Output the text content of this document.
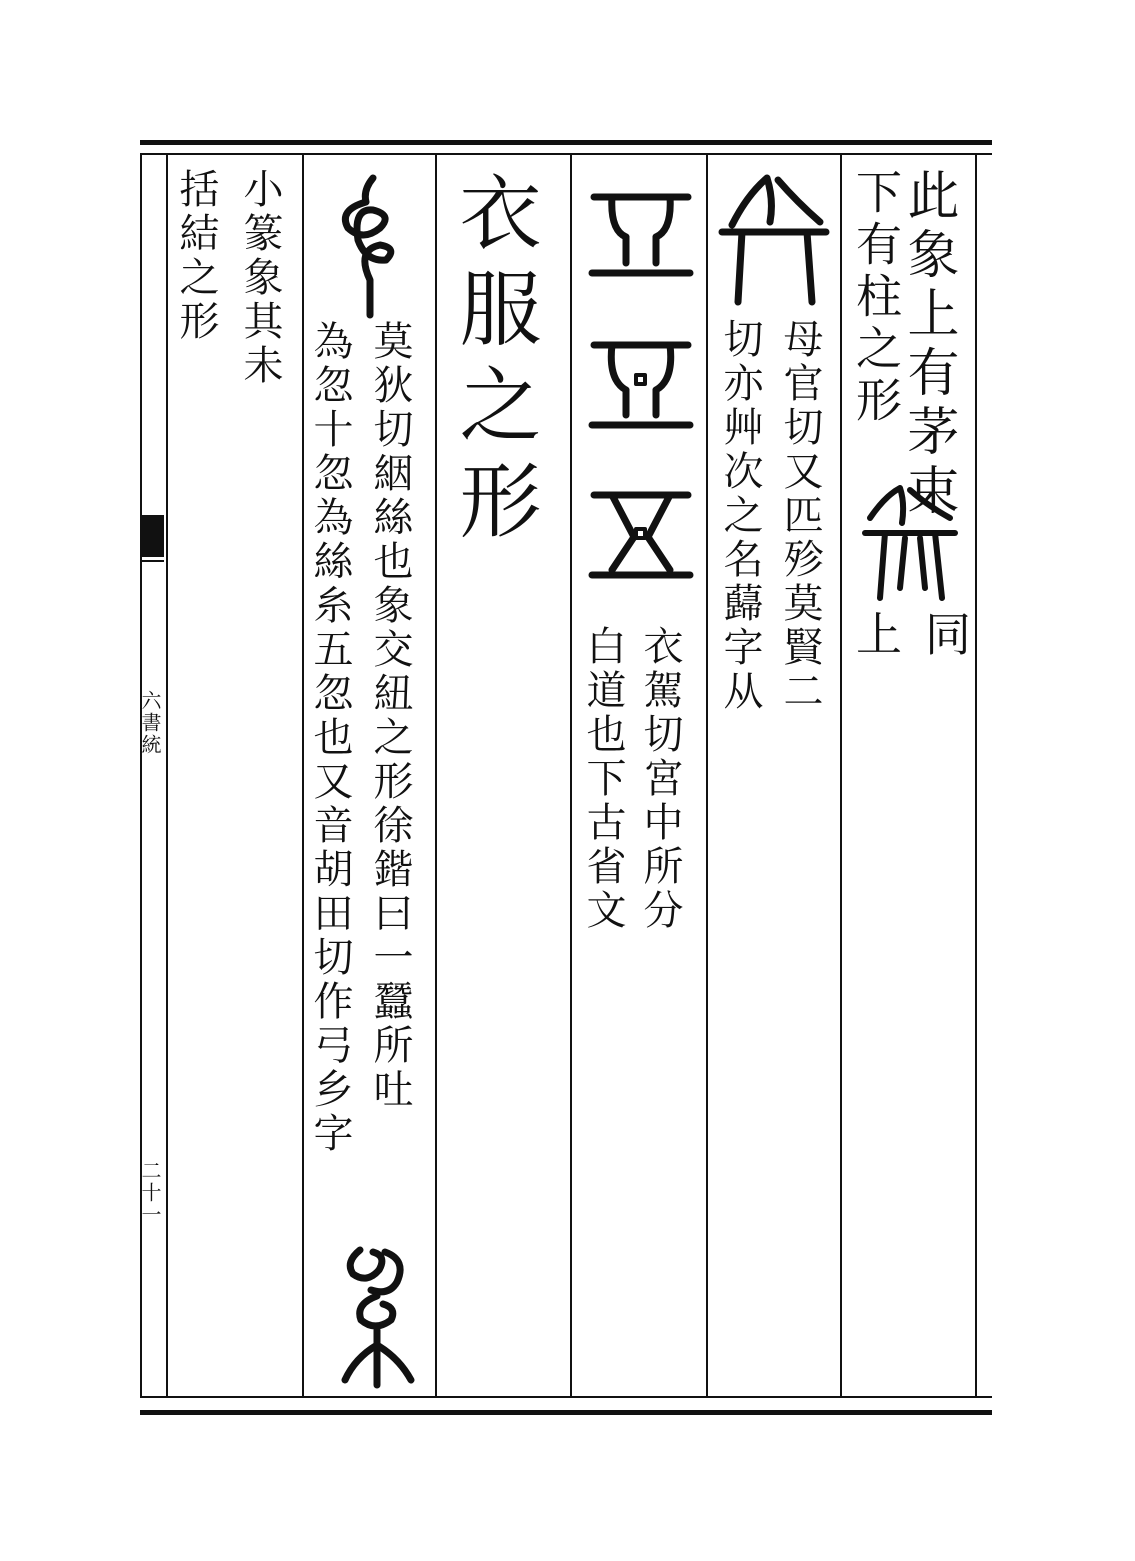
六書統
二十一
此象上有茅束
同
下有柱之形
上
母官切又匹殄莫賢二
切亦艸次之名蘬字从
衣駕切宮中所分
白道也下古省文
衣服之形
莫狄切絪絲也象交紐之形徐鍇曰一蠶所吐
為忽十忽為絲糸五忽也又音胡田切作弓乡字
小篆象其未
括結之形
